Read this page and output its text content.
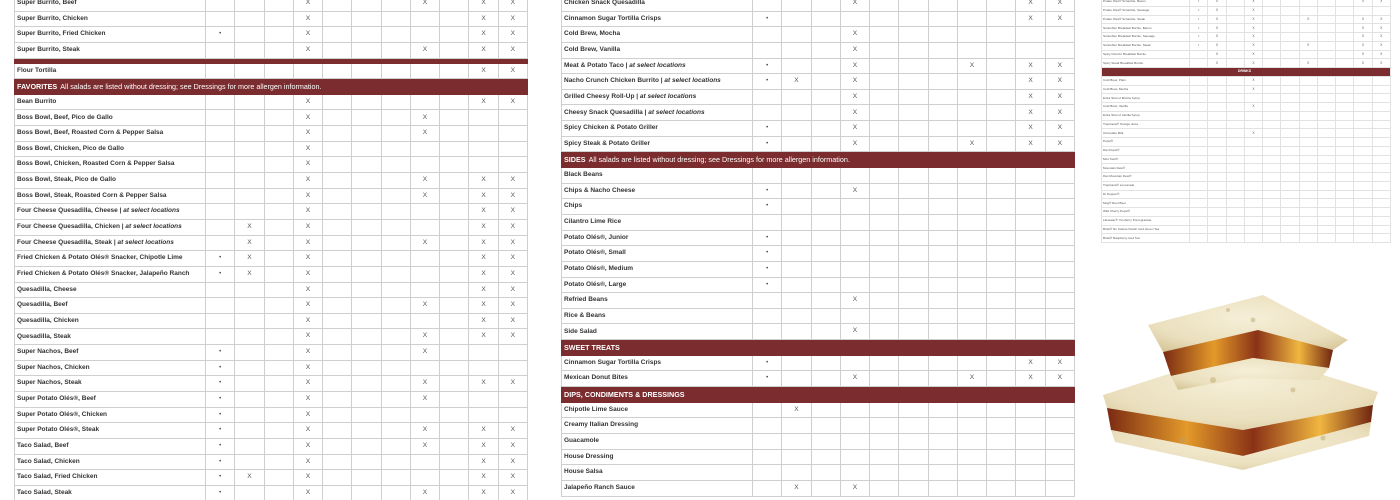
Super Burrito, Beef				X				X		X	X
Super Burrito, Chicken				X						X	X
Super Burrito, Fried Chicken	•			X						X	X
Super Burrito, Steak				X				X		X	X

Flour Tortilla										X	X
FAVORITES All salads are listed without dressing; see Dressings for more allergen information.											
Bean Burrito				X						X	X
Boss Bowl, Beef, Pico de Gallo				X				X			
Boss Bowl, Beef, Roasted Corn & Pepper Salsa				X				X			
Boss Bowl, Chicken, Pico de Gallo				X							
Boss Bowl, Chicken, Roasted Corn & Pepper Salsa				X							
Boss Bowl, Steak, Pico de Gallo				X				X		X	X
Boss Bowl, Steak, Roasted Corn & Pepper Salsa				X				X		X	X
Four Cheese Quesadilla, Cheese | at select locations				X						X	X
Four Cheese Quesadilla, Chicken | at select locations		X		X						X	X
Four Cheese Quesadilla, Steak | at select locations		X		X				X		X	X
Fried Chicken & Potato Olés® Snacker, Chipotle Lime	•	X		X						X	X
Fried Chicken & Potato Olés® Snacker, Jalapeño Ranch	•	X		X						X	X
Quesadilla, Cheese				X						X	X
Quesadilla, Beef				X				X		X	X
Quesadilla, Chicken				X						X	X
Quesadilla, Steak				X				X		X	X
Super Nachos, Beef	•			X				X			
Super Nachos, Chicken	•			X							
Super Nachos, Steak	•			X				X		X	X
Super Potato Olés®, Beef	•			X				X			
Super Potato Olés®, Chicken	•			X							
Super Potato Olés®, Steak	•			X				X		X	X
Taco Salad, Beef	•			X				X		X	X
Taco Salad, Chicken	•			X						X	X
Taco Salad, Fried Chicken	•	X		X						X	X
Taco Salad, Steak	•			X				X		X	X
Chicken Snack Quesadilla				X						X	X
Cinnamon Sugar Tortilla Crisps	•									X	X
Cold Brew, Mocha				X							
Cold Brew, Vanilla				X							
Meat & Potato Taco | at select locations	•			X				X		X	X
Nacho Crunch Chicken Burrito | at select locations	•	X		X						X	X
Grilled Cheesy Roll-Up | at select locations				X						X	X
Cheesy Snack Quesadilla | at select locations				X						X	X
Spicy Chicken & Potato Griller	•			X						X	X
Spicy Steak & Potato Griller	•			X				X		X	X
SIDES All salads are listed without dressing; see Dressings for more allergen information.											
Black Beans											
Chips & Nacho Cheese	•			X							
Chips	•										
Cilantro Lime Rice											
Potato Olés®, Junior	•										
Potato Olés®, Small	•										
Potato Olés®, Medium	•										
Potato Olés®, Large	•										
Refried Beans				X							
Rice & Beans											
Side Salad				X							
SWEET TREATS											
Cinnamon Sugar Tortilla Crisps	•									X	X
Mexican Donut Bites	•			X				X		X	X
DIPS, CONDIMENTS & DRESSINGS											
Chipotle Lime Sauce		X									
Creamy Italian Dressing											
Guacamole											
House Dressing											
House Salsa											
Jalapeño Ranch Sauce		X		X							
Potato Olés® Scramble, Bacon	•	X		X						X	X
Potato Olés® Scramble, Sausage	•	X		X							
Potato Olés® Scramble, Steak	•	X		X			X			X	X
Scrambler Breakfast Burrito, Bacon	•	X		X						X	X
Scrambler Breakfast Burrito, Sausage	•	X		X						X	X
Scrambler Breakfast Burrito, Steak	•	X		X			X			X	X
Spicy Chorizo Breakfast Burrito		X		X						X	X
Spicy Steak Breakfast Burrito		X		X			X			X	X
DRINKS											
Cold Brew, Plain				X							
Cold Brew, Mocha				X							
Extra Shot of Mocha Syrup											
Cold Brew, Vanilla				X							
Extra Shot of Vanilla Syrup											
Tropicana® Orange Juice											
Chocolate Milk				X							
Pepsi®											
Diet Pepsi®											
Mist Twst®											
Mountain Dew®											
Diet Mountain Dew®											
Tropicana® Lemonade											
Dr Pepper®											
Mug® Root Beer											
Wild Cherry Pepsi®											
Lifewater® Yumberry Pomegranate											
Brisk® No Calorie Peach Iced Green Tea											
Brisk® Raspberry Iced Tea											
